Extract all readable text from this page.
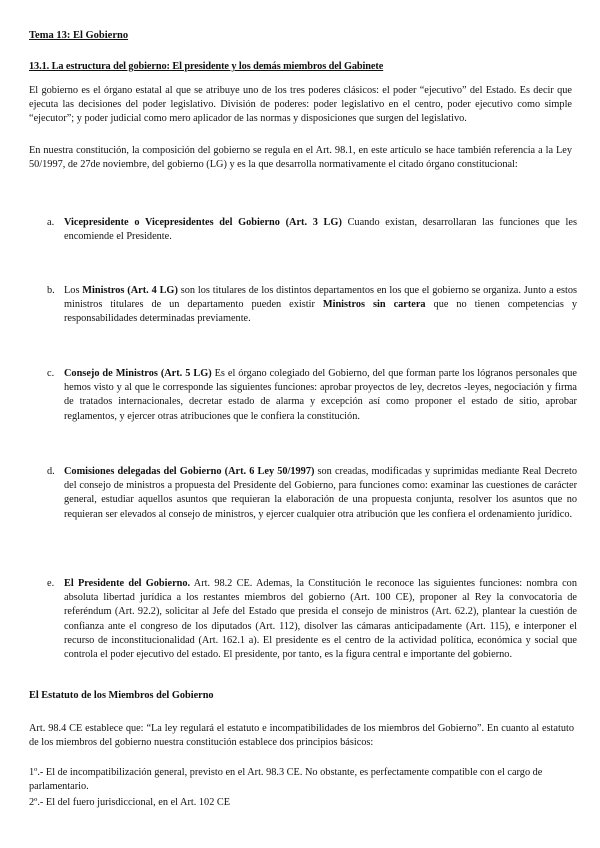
Tema 13: El Gobierno
13.1. La estructura del gobierno: El presidente y los demás miembros del Gabinete
El gobierno es el órgano estatal al que se atribuye uno de los tres poderes clásicos: el poder “ejecutivo” del Estado. Es decir que ejecuta las decisiones del poder legislativo. División de poderes: poder legislativo en el centro, poder ejecutivo como simple “ejecutor”; y poder judicial como mero aplicador de las normas y disposiciones que surgen del legislativo.
En nuestra constitución, la composición del gobierno se regula en el Art. 98.1, en este artículo se hace también referencia a la Ley 50/1997, de 27de noviembre, del gobierno (LG) y es la que desarrolla normativamente el citado órgano constitucional:
a. Vicepresidente o Vicepresidentes del Gobierno (Art. 3 LG) Cuando existan, desarrollaran las funciones que les encomiende el Presidente.
b. Los Ministros (Art. 4 LG) son los titulares de los distintos departamentos en los que el gobierno se organiza. Junto a estos ministros titulares de un departamento pueden existir Ministros sin cartera que no tienen competencias y responsabilidades determinadas previamente.
c. Consejo de Ministros (Art. 5 LG) Es el órgano colegiado del Gobierno, del que forman parte los lógranos personales que hemos visto y al que le corresponde las siguientes funciones: aprobar proyectos de ley, decretos -leyes, negociación y firma de tratados internacionales, decretar estado de alarma y excepción así como proponer el estado de sitio, aprobar reglamentos, y ejercer otras atribuciones que le confiera la constitución.
d. Comisiones delegadas del Gobierno (Art. 6 Ley 50/1997) son creadas, modificadas y suprimidas mediante Real Decreto del consejo de ministros a propuesta del Presidente del Gobierno, para funciones como: examinar las cuestiones de carácter general, estudiar aquellos asuntos que requieran la elaboración de una propuesta conjunta, resolver los asuntos que no requieran ser elevados al consejo de ministros, y ejercer cualquier otra atribución que les confiera el ordenamiento jurídico.
e. El Presidente del Gobierno. Art. 98.2 CE. Ademas, la Constitución le reconoce las siguientes funciones: nombra con absoluta libertad jurídica a los restantes miembros del gobierno (Art. 100 CE), proponer al Rey la convocatoria de referéndum (Art. 92.2), solicitar al Jefe del Estado que presida el consejo de ministros (Art. 62.2), plantear la cuestión de confianza ante el congreso de los diputados (Art. 112), disolver las cámaras anticipadamente (Art. 115), e interponer el recurso de inconstitucionalidad (Art. 162.1 a). El presidente es el centro de la actividad política, económica y social que controla el poder ejecutivo del estado. El presidente, por tanto, es la figura central e importante del gobierno.
El Estatuto de los Miembros del Gobierno
Art. 98.4 CE establece que: “La ley regulará el estatuto e incompatibilidades de los miembros del Gobierno”. En cuanto al estatuto de los miembros del gobierno nuestra constitución establece dos principios básicos:
1º.- El de incompatibilización general, previsto en el Art. 98.3 CE. No obstante, es perfectamente compatible con el cargo de parlamentario.
2º.- El del fuero jurisdiccional, en el Art. 102 CE
